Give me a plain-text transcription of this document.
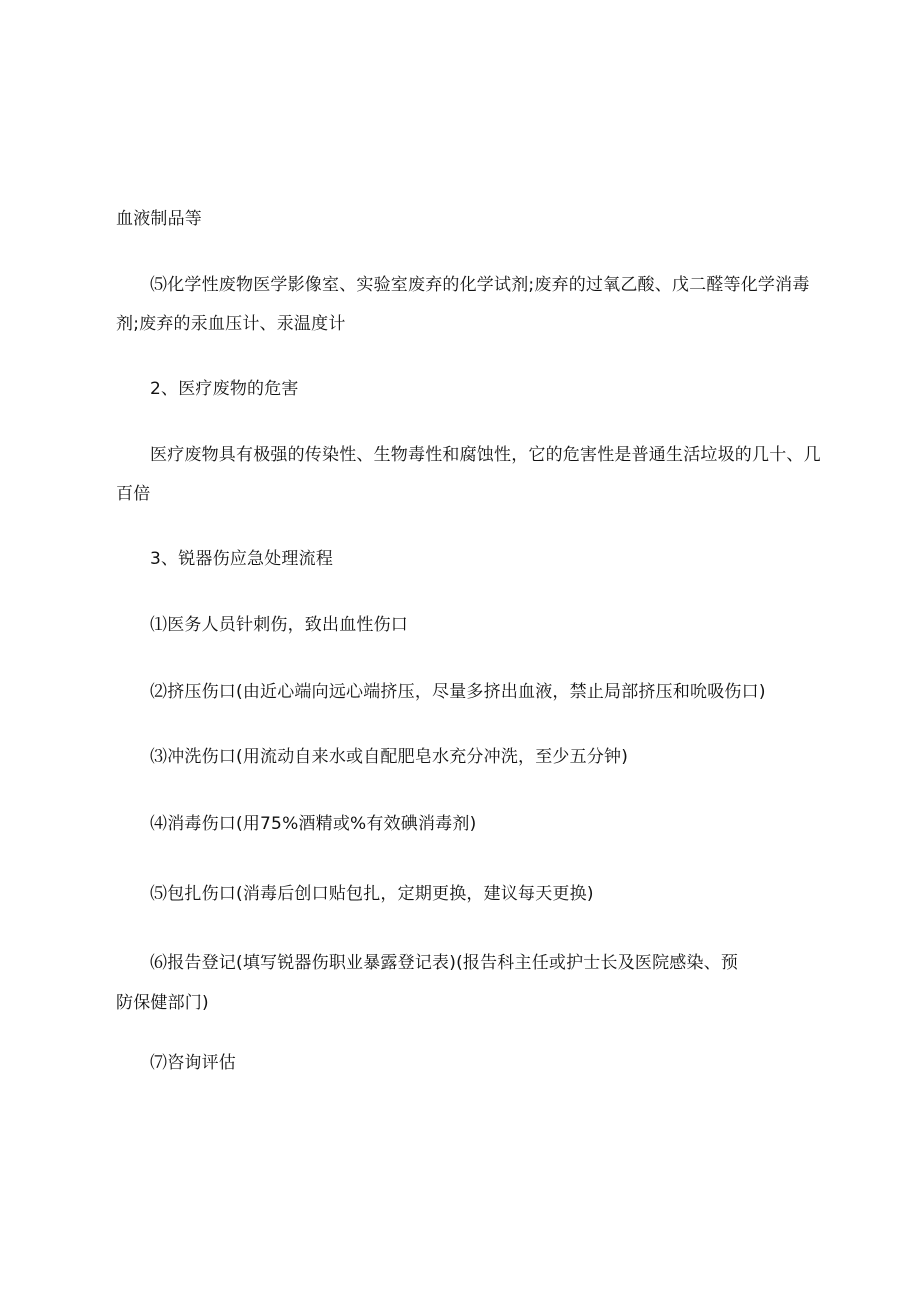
血液制品等
⑸化学性废物医学影像室、实验室废弃的化学试剂;废弃的过氧乙酸、戊二醛等化学消毒
剂;废弃的汞血压计、汞温度计
2、医疗废物的危害
医疗废物具有极强的传染性、生物毒性和腐蚀性，它的危害性是普通生活垃圾的几十、几
百倍
3、锐器伤应急处理流程
⑴医务人员针刺伤，致出血性伤口
⑵挤压伤口(由近心端向远心端挤压，尽量多挤出血液，禁止局部挤压和吮吸伤口)
⑶冲洗伤口(用流动自来水或自配肥皂水充分冲洗，至少五分钟)
⑷消毒伤口(用75%酒精或%有效碘消毒剂)
⑸包扎伤口(消毒后创口贴包扎，定期更换，建议每天更换)
⑹报告登记(填写锐器伤职业暴露登记表)(报告科主任或护士长及医院感染、预
防保健部门)
⑺咨询评估
